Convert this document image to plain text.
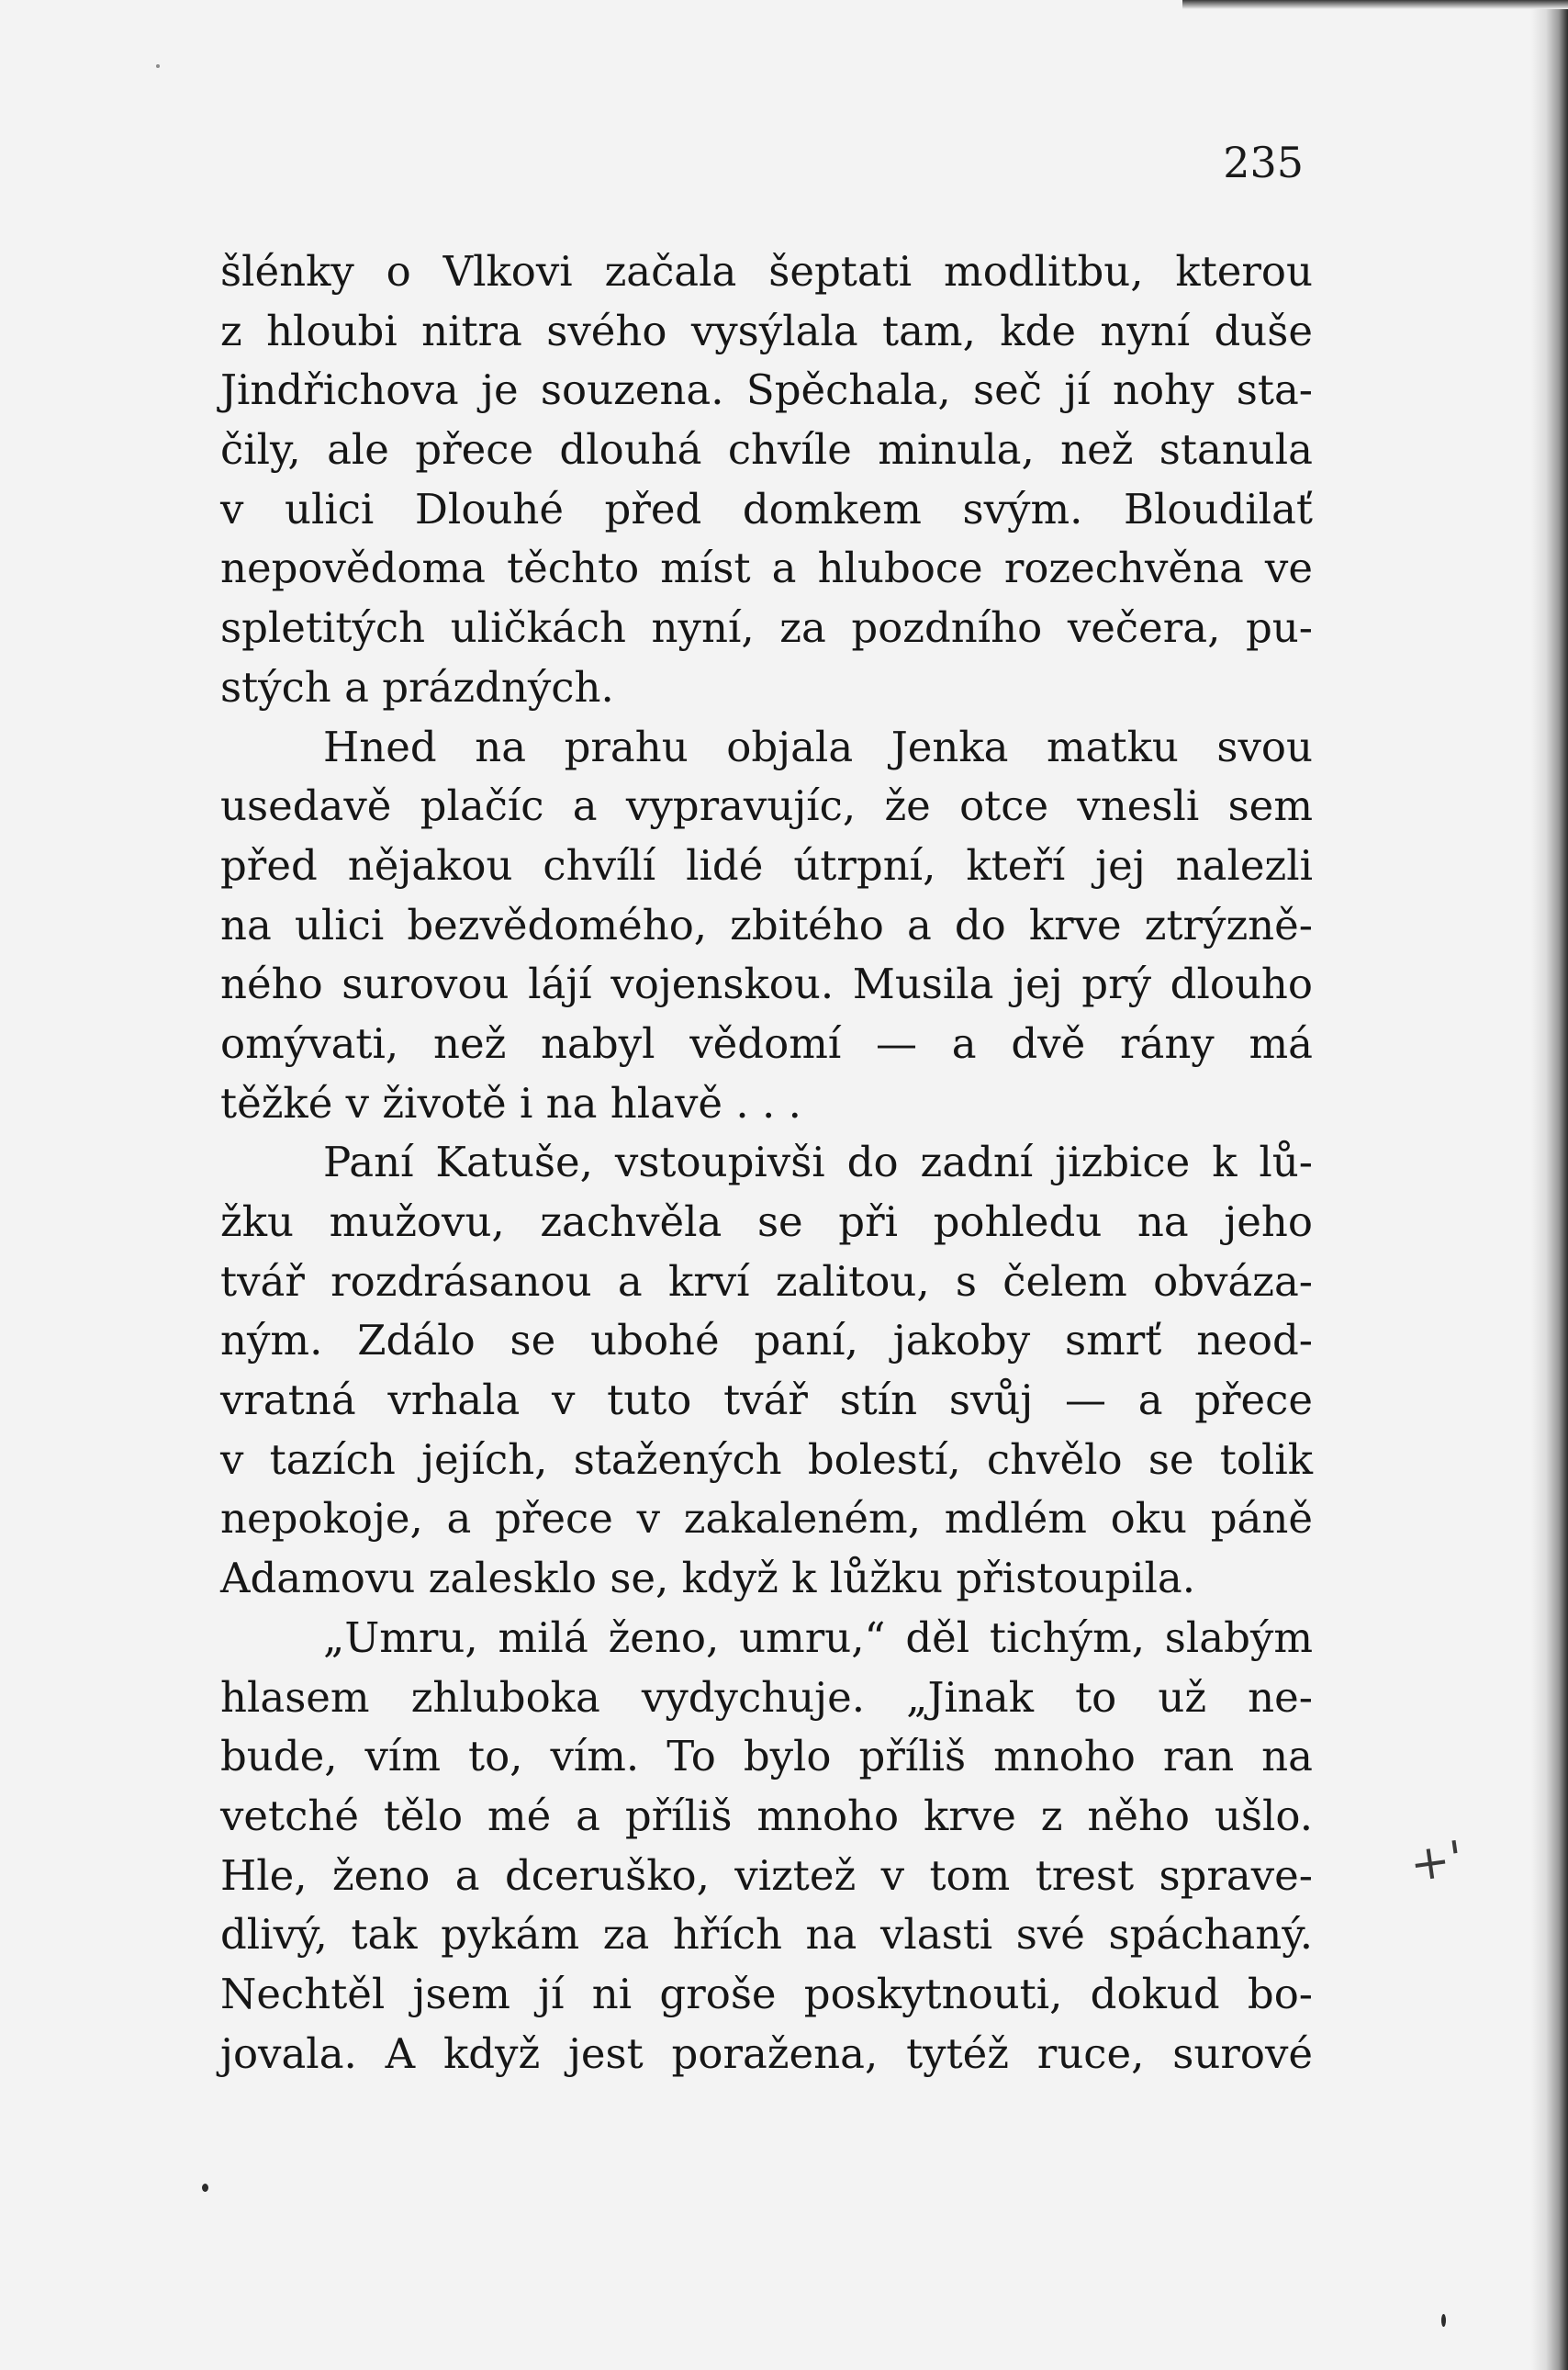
235
šlénky o Vlkovi začala šeptati modlitbu, kterou
z hloubi nitra svého vysýlala tam, kde nyní duše
Jindřichova je souzena. Spěchala, seč jí nohy sta-
čily, ale přece dlouhá chvíle minula, než stanula
v ulici Dlouhé před domkem svým. Bloudilať
nepovědoma těchto míst a hluboce rozechvěna ve
spletitých uličkách nyní, za pozdního večera, pu-
stých a prázdných.
Hned na prahu objala Jenka matku svou
usedavě plačíc a vypravujíc, že otce vnesli sem
před nějakou chvílí lidé útrpní, kteří jej nalezli
na ulici bezvědomého, zbitého a do krve ztrýzně-
ného surovou lájí vojenskou. Musila jej prý dlouho
omývati, než nabyl vědomí — a dvě rány má
těžké v životě i na hlavě . . .
Paní Katuše, vstoupivši do zadní jizbice k lů-
žku mužovu, zachvěla se při pohledu na jeho
tvář rozdrásanou a krví zalitou, s čelem obváza-
ným. Zdálo se ubohé paní, jakoby smrť neod-
vratná vrhala v tuto tvář stín svůj — a přece
v tazích jejích, stažených bolestí, chvělo se tolik
nepokoje, a přece v zakaleném, mdlém oku páně
Adamovu zalesklo se, když k lůžku přistoupila.
„Umru, milá ženo, umru,“ děl tichým, slabým
hlasem zhluboka vydychuje. „Jinak to už ne-
bude, vím to, vím. To bylo příliš mnoho ran na
vetché tělo mé a příliš mnoho krve z něho ušlo.
Hle, ženo a dceruško, viztež v tom trest sprave-
dlivý, tak pykám za hřích na vlasti své spáchaný.
Nechtěl jsem jí ni groše poskytnouti, dokud bo-
jovala. A když jest poražena, tytéž ruce, surové
+'
